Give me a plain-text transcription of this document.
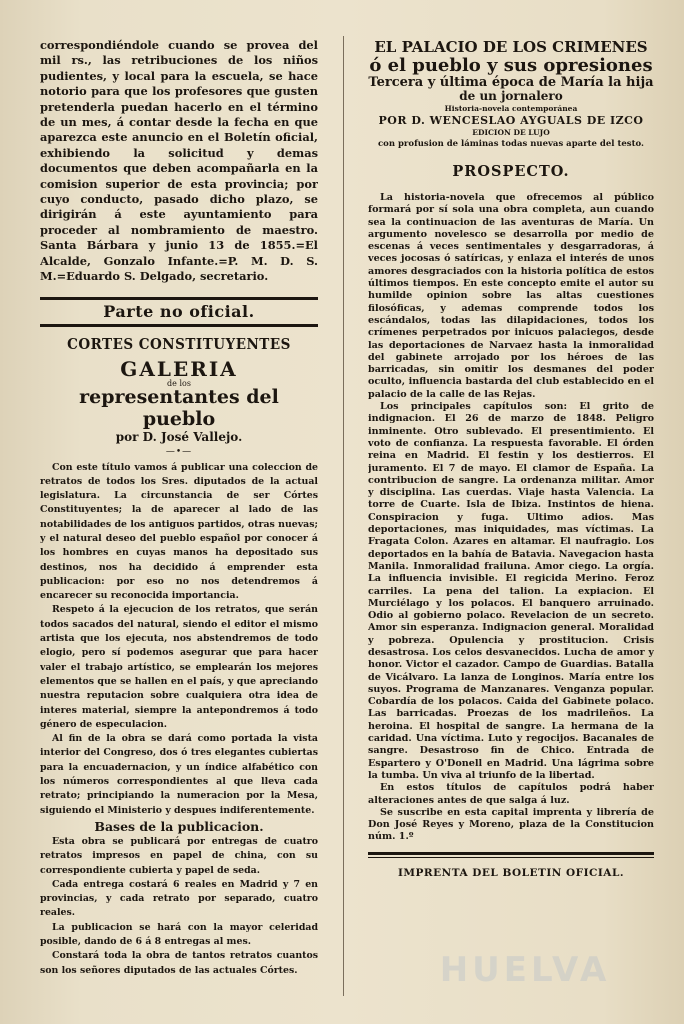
correspondiéndole cuando se provea del mil rs., las retribuciones de los niños pudientes, y local para la escuela, se hace notorio para que los profesores que gusten pretenderla puedan hacerlo en el término de un mes, á contar desde la fecha en que aparezca este anuncio en el Boletín oficial, exhibiendo la solicitud y demas documentos que deben acompañarla en la comision superior de esta provincia; por cuyo conducto, pasado dicho plazo, se dirigirán á este ayuntamiento para proceder al nombramiento de maestro. Santa Bárbara y junio 13 de 1855.=El Alcalde, Gonzalo Infante.=P. M. D. S. M.=Eduardo S. Delgado, secretario.

Parte no oficial.
CORTES CONSTITUYENTES
GALERIA
de los
representantes del pueblo
por D. José Vallejo.
—•—

Con este título vamos á publicar una coleccion de retratos de todos los Sres. diputados de la actual legislatura. La circunstancia de ser Córtes Constituyentes; la de aparecer al lado de las notabilidades de los antiguos partidos, otras nuevas; y el natural deseo del pueblo español por conocer á los hombres en cuyas manos ha depositado sus destinos, nos ha decidido á emprender esta publicacion: por eso no nos detendremos á encarecer su reconocida importancia.

Respeto á la ejecucion de los retratos, que serán todos sacados del natural, siendo el editor el mismo artista que los ejecuta, nos abstendremos de todo elogio, pero sí podemos asegurar que para hacer valer el trabajo artístico, se emplearán los mejores elementos que se hallen en el país, y que apreciando nuestra reputacion sobre cualquiera otra idea de interes material, siempre la antepondremos á todo género de especulacion.

Al fin de la obra se dará como portada la vista interior del Congreso, dos ó tres elegantes cubiertas para la encuadernacion, y un índice alfabético con los números correspondientes al que lleva cada retrato; principiando la numeracion por la Mesa, siguiendo el Ministerio y despues indiferentemente.

Bases de la publicacion.

Esta obra se publicará por entregas de cuatro retratos impresos en papel de china, con su correspondiente cubierta y papel de seda.

Cada entrega costará 6 reales en Madrid y 7 en provincias, y cada retrato por separado, cuatro reales.

La publicacion se hará con la mayor celeridad posible, dando de 6 á 8 entregas al mes.

Constará toda la obra de tantos retratos cuantos son los señores diputados de las actuales Córtes.

EL PALACIO DE LOS CRIMENES
ó el pueblo y sus opresiones
Tercera y última época de María la hija
de un jornalero
Historia-novela contemporánea
POR D. WENCESLAO AYGUALS DE IZCO
EDICION DE LUJO
con profusion de láminas todas nuevas aparte del testo.
PROSPECTO.

La historia-novela que ofrecemos al público formará por sí sola una obra completa, aun cuando sea la continuacion de las aventuras de María. Un argumento novelesco se desarrolla por medio de escenas á veces sentimentales y desgarradoras, á veces jocosas ó satíricas, y enlaza el interés de unos amores desgraciados con la historia política de estos últimos tiempos. En este concepto emite el autor su humilde opinion sobre las altas cuestiones filosóficas, y ademas comprende todos los escándalos, todas las dilapidaciones, todos los crímenes perpetrados por inicuos palaciegos, desde las deportaciones de Narvaez hasta la inmoralidad del gabinete arrojado por los héroes de las barricadas, sin omitir los desmanes del poder oculto, influencia bastarda del club establecido en el palacio de la calle de las Rejas.

Los principales capítulos son: El grito de indignacion. El 26 de marzo de 1848. Peligro inminente. Otro sublevado. El presentimiento. El voto de confianza. La respuesta favorable. El órden reina en Madrid. El festin y los destierros. El juramento. El 7 de mayo. El clamor de España. La contribucion de sangre. La ordenanza militar. Amor y disciplina. Las cuerdas. Viaje hasta Valencia. La torre de Cuarte. Isla de Ibiza. Instintos de hiena. Conspiracion y fuga. Ultimo adios. Mas deportaciones, mas iniquidades, mas víctimas. La Fragata Colon. Azares en altamar. El naufragio. Los deportados en la bahía de Batavia. Navegacion hasta Manila. Inmoralidad frailuna. Amor ciego. La orgía. La influencia invisible. El regicida Merino. Feroz carriles. La pena del talion. La expiacion. El Murciélago y los polacos. El banquero arruinado. Odio al gobierno polaco. Revelacion de un secreto. Amor sin esperanza. Indignacion general. Moralidad y pobreza. Opulencia y prostitucion. Crisis desastrosa. Los celos desvanecidos. Lucha de amor y honor. Victor el cazador. Campo de Guardias. Batalla de Vicálvaro. La lanza de Longinos. María entre los suyos. Programa de Manzanares. Venganza popular. Cobardía de los polacos. Caida del Gabinete polaco. Las barricadas. Proezas de los madrileños. La heroina. El hospital de sangre. La hermana de la caridad. Una víctima. Luto y regocijos. Bacanales de sangre. Desastroso fin de Chico. Entrada de Espartero y O'Donell en Madrid. Una lágrima sobre la tumba. Un viva al triunfo de la libertad.

En estos títulos de capítulos podrá haber alteraciones antes de que salga á luz.

Se suscribe en esta capital imprenta y librería de Don José Reyes y Moreno, plaza de la Constitucion núm. 1.º

IMPRENTA DEL BOLETIN OFICIAL.
HUELVA
